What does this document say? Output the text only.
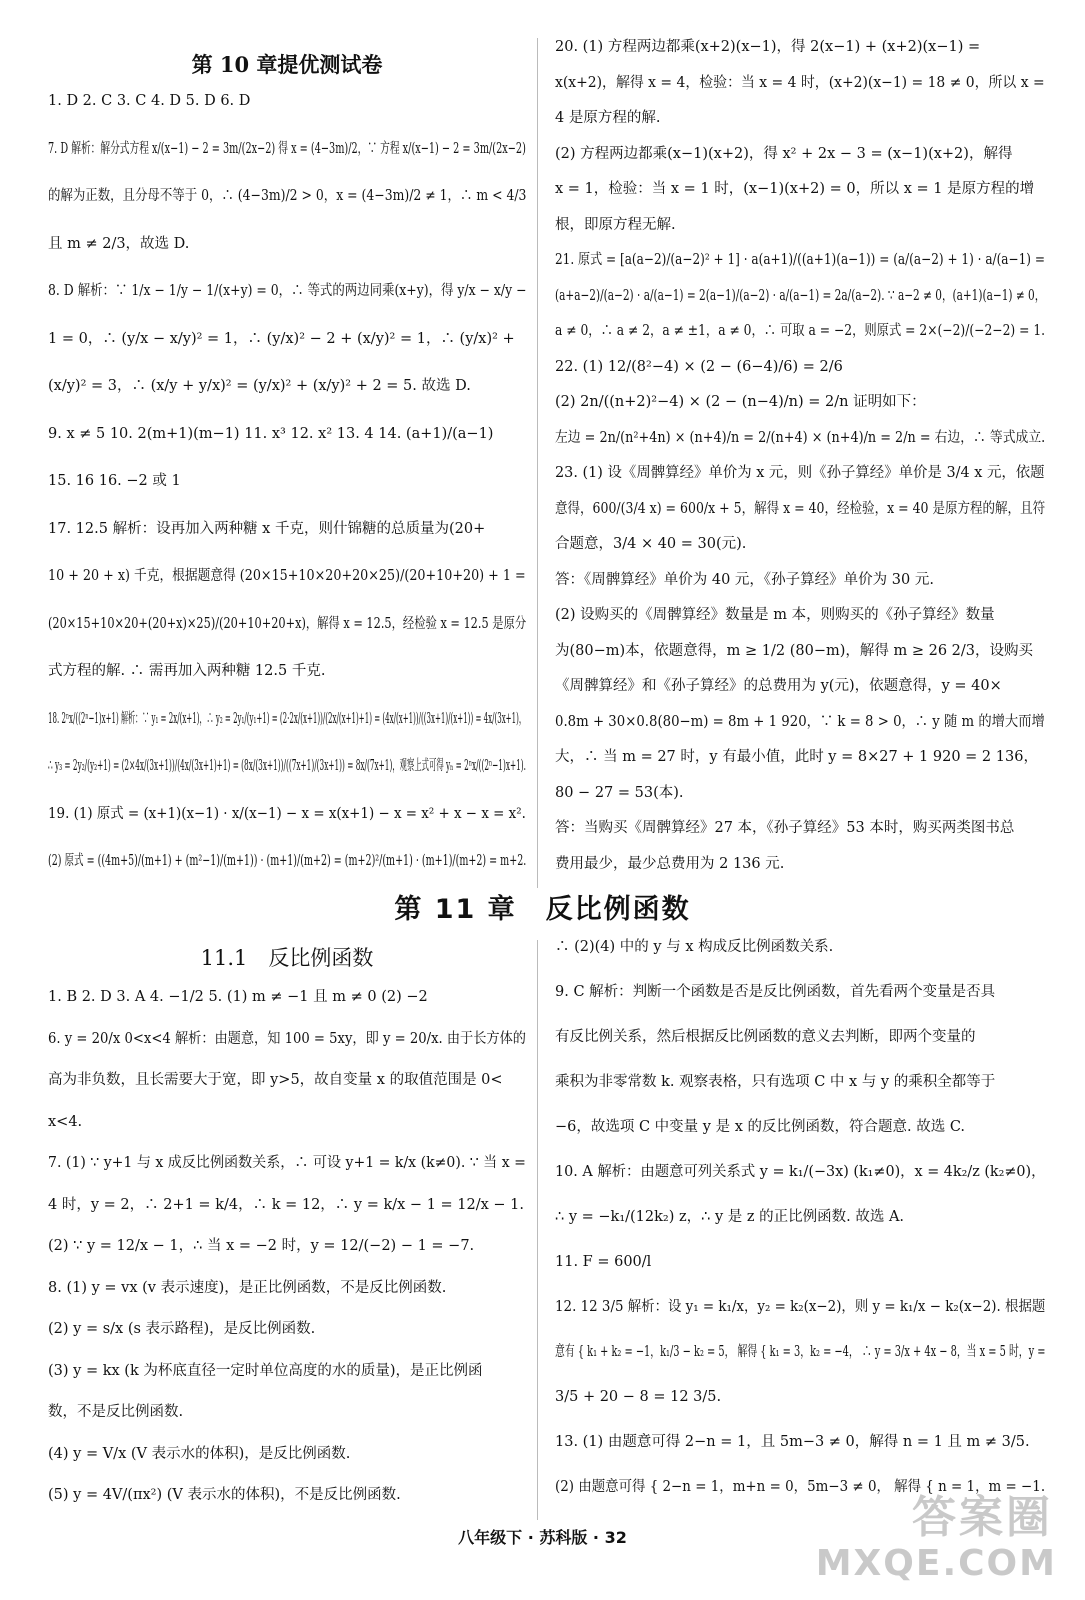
第 10 章提优测试卷
1. D 2. C 3. C 4. D 5. D 6. D
7. D 解析：解分式方程 x/(x−1) − 2 = 3m/(2x−2) 得 x = (4−3m)/2，∵ 方程 x/(x−1) − 2 = 3m/(2x−2)
的解为正数，且分母不等于 0，∴ (4−3m)/2 > 0，x = (4−3m)/2 ≠ 1，∴ m < 4/3
且 m ≠ 2/3，故选 D.
8. D 解析：∵ 1/x − 1/y − 1/(x+y) = 0，∴ 等式的两边同乘(x+y)，得 y/x − x/y −
1 = 0，∴ (y/x − x/y)² = 1，∴ (y/x)² − 2 + (x/y)² = 1，∴ (y/x)² +
(x/y)² = 3，∴ (x/y + y/x)² = (y/x)² + (x/y)² + 2 = 5. 故选 D.
9. x ≠ 5 10. 2(m+1)(m−1) 11. x³ 12. x² 13. 4 14. (a+1)/(a−1)
15. 16 16. −2 或 1
17. 12.5 解析：设再加入两种糖 x 千克，则什锦糖的总质量为(20+
10 + 20 + x) 千克，根据题意得 (20×15+10×20+20×25)/(20+10+20) + 1 =
(20×15+10×20+(20+x)×25)/(20+10+20+x)，解得 x = 12.5，经检验 x = 12.5 是原分
式方程的解. ∴ 需再加入两种糖 12.5 千克.
18. 2ⁿx/((2ⁿ−1)x+1) 解析：∵ y₁ = 2x/(x+1)，∴ y₂ = 2y₁/(y₁+1) = (2·2x/(x+1))/(2x/(x+1)+1) = (4x/(x+1))/((3x+1)/(x+1)) = 4x/(3x+1)，
∴ y₃ = 2y₂/(y₂+1) = (2×4x/(3x+1))/(4x/(3x+1)+1) = (8x/(3x+1))/((7x+1)/(3x+1)) = 8x/(7x+1)，观察上式可得 yₙ = 2ⁿx/((2ⁿ−1)x+1).
19. (1) 原式 = (x+1)(x−1) · x/(x−1) − x = x(x+1) − x = x² + x − x = x².
(2) 原式 = ((4m+5)/(m+1) + (m²−1)/(m+1)) · (m+1)/(m+2) = (m+2)²/(m+1) · (m+1)/(m+2) = m+2.
11.1　反比例函数
1. B 2. D 3. A 4. −1/2 5. (1) m ≠ −1 且 m ≠ 0 (2) −2
6. y = 20/x 0<x<4 解析：由题意，知 100 = 5xy，即 y = 20/x. 由于长方体的
高为非负数，且长需要大于宽，即 y>5，故自变量 x 的取值范围是 0<
x<4.
7. (1) ∵ y+1 与 x 成反比例函数关系，∴ 可设 y+1 = k/x (k≠0). ∵ 当 x =
4 时，y = 2，∴ 2+1 = k/4，∴ k = 12，∴ y = k/x − 1 = 12/x − 1.
(2) ∵ y = 12/x − 1，∴ 当 x = −2 时，y = 12/(−2) − 1 = −7.
8. (1) y = vx (v 表示速度)，是正比例函数，不是反比例函数.
(2) y = s/x (s 表示路程)，是反比例函数.
(3) y = kx (k 为杯底直径一定时单位高度的水的质量)，是正比例函
数，不是反比例函数.
(4) y = V/x (V 表示水的体积)，是反比例函数.
(5) y = 4V/(πx²) (V 表示水的体积)，不是反比例函数.
20. (1) 方程两边都乘(x+2)(x−1)，得 2(x−1) + (x+2)(x−1) =
x(x+2)，解得 x = 4，检验：当 x = 4 时，(x+2)(x−1) = 18 ≠ 0，所以 x =
4 是原方程的解.
(2) 方程两边都乘(x−1)(x+2)，得 x² + 2x − 3 = (x−1)(x+2)，解得
x = 1，检验：当 x = 1 时，(x−1)(x+2) = 0，所以 x = 1 是原方程的增
根，即原方程无解.
21. 原式 = [a(a−2)/(a−2)² + 1] · a(a+1)/((a+1)(a−1)) = (a/(a−2) + 1) · a/(a−1) =
(a+a−2)/(a−2) · a/(a−1) = 2(a−1)/(a−2) · a/(a−1) = 2a/(a−2). ∵ a−2 ≠ 0，(a+1)(a−1) ≠ 0，
a ≠ 0，∴ a ≠ 2，a ≠ ±1，a ≠ 0，∴ 可取 a = −2，则原式 = 2×(−2)/(−2−2) = 1.
22. (1) 12/(8²−4) × (2 − (6−4)/6) = 2/6
(2) 2n/((n+2)²−4) × (2 − (n−4)/n) = 2/n 证明如下：
左边 = 2n/(n²+4n) × (n+4)/n = 2/(n+4) × (n+4)/n = 2/n = 右边，∴ 等式成立.
23. (1) 设《周髀算经》单价为 x 元，则《孙子算经》单价是 3/4 x 元，依题
意得，600/(3/4 x) = 600/x + 5，解得 x = 40，经检验，x = 40 是原方程的解，且符
合题意，3/4 × 40 = 30(元).
答：《周髀算经》单价为 40 元，《孙子算经》单价为 30 元.
(2) 设购买的《周髀算经》数量是 m 本，则购买的《孙子算经》数量
为(80−m)本，依题意得，m ≥ 1/2 (80−m)，解得 m ≥ 26 2/3，设购买
《周髀算经》和《孙子算经》的总费用为 y(元)，依题意得，y = 40×
0.8m + 30×0.8(80−m) = 8m + 1 920，∵ k = 8 > 0，∴ y 随 m 的增大而增
大，∴ 当 m = 27 时，y 有最小值，此时 y = 8×27 + 1 920 = 2 136，
80 − 27 = 53(本).
答：当购买《周髀算经》27 本，《孙子算经》53 本时，购买两类图书总
费用最少，最少总费用为 2 136 元.
∴ (2)(4) 中的 y 与 x 构成反比例函数关系.
9. C 解析：判断一个函数是否是反比例函数，首先看两个变量是否具
有反比例关系，然后根据反比例函数的意义去判断，即两个变量的
乘积为非零常数 k. 观察表格，只有选项 C 中 x 与 y 的乘积全都等于
−6，故选项 C 中变量 y 是 x 的反比例函数，符合题意. 故选 C.
10. A 解析：由题意可列关系式 y = k₁/(−3x) (k₁≠0)，x = 4k₂/z (k₂≠0)，
∴ y = −k₁/(12k₂) z，∴ y 是 z 的正比例函数. 故选 A.
11. F = 600/l
12. 12 3/5 解析：设 y₁ = k₁/x，y₂ = k₂(x−2)，则 y = k₁/x − k₂(x−2). 根据题
意有 { k₁ + k₂ = −1，k₁/3 − k₂ = 5， 解得 { k₁ = 3，k₂ = −4， ∴ y = 3/x + 4x − 8，当 x = 5 时，y =
3/5 + 20 − 8 = 12 3/5.
13. (1) 由题意可得 2−n = 1，且 5m−3 ≠ 0，解得 n = 1 且 m ≠ 3/5.
(2) 由题意可得 { 2−n = 1，m+n = 0，5m−3 ≠ 0， 解得 { n = 1，m = −1.
第 11 章　反比例函数
八年级下 · 苏科版 · 32	答案圈
MXQE.COM
